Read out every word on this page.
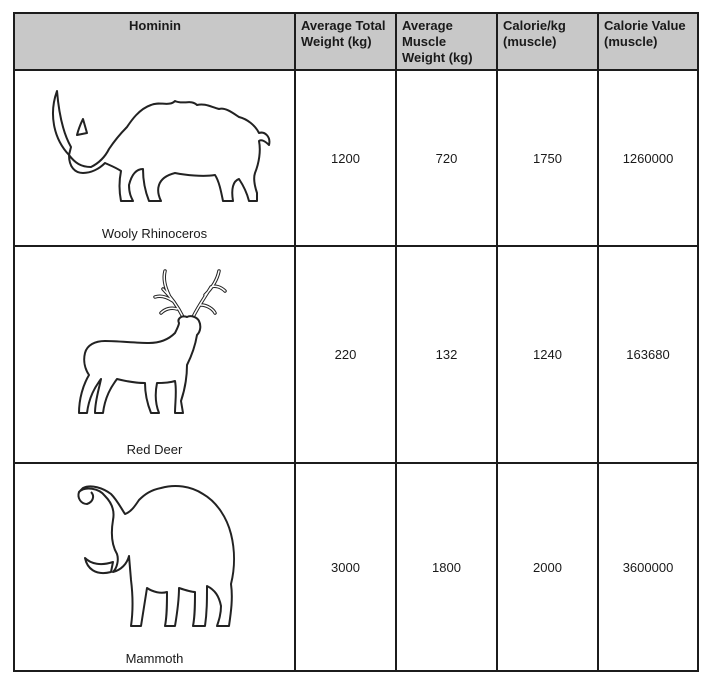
Hominin	Average Total Weight (kg)	Average Muscle Weight (kg)	Calorie/kg (muscle)	Calorie Value (muscle)

Wooly Rhinoceros	1200	720	1750	1260000

Red Deer	220	132	1240	163680

Mammoth	3000	1800	2000	3600000
